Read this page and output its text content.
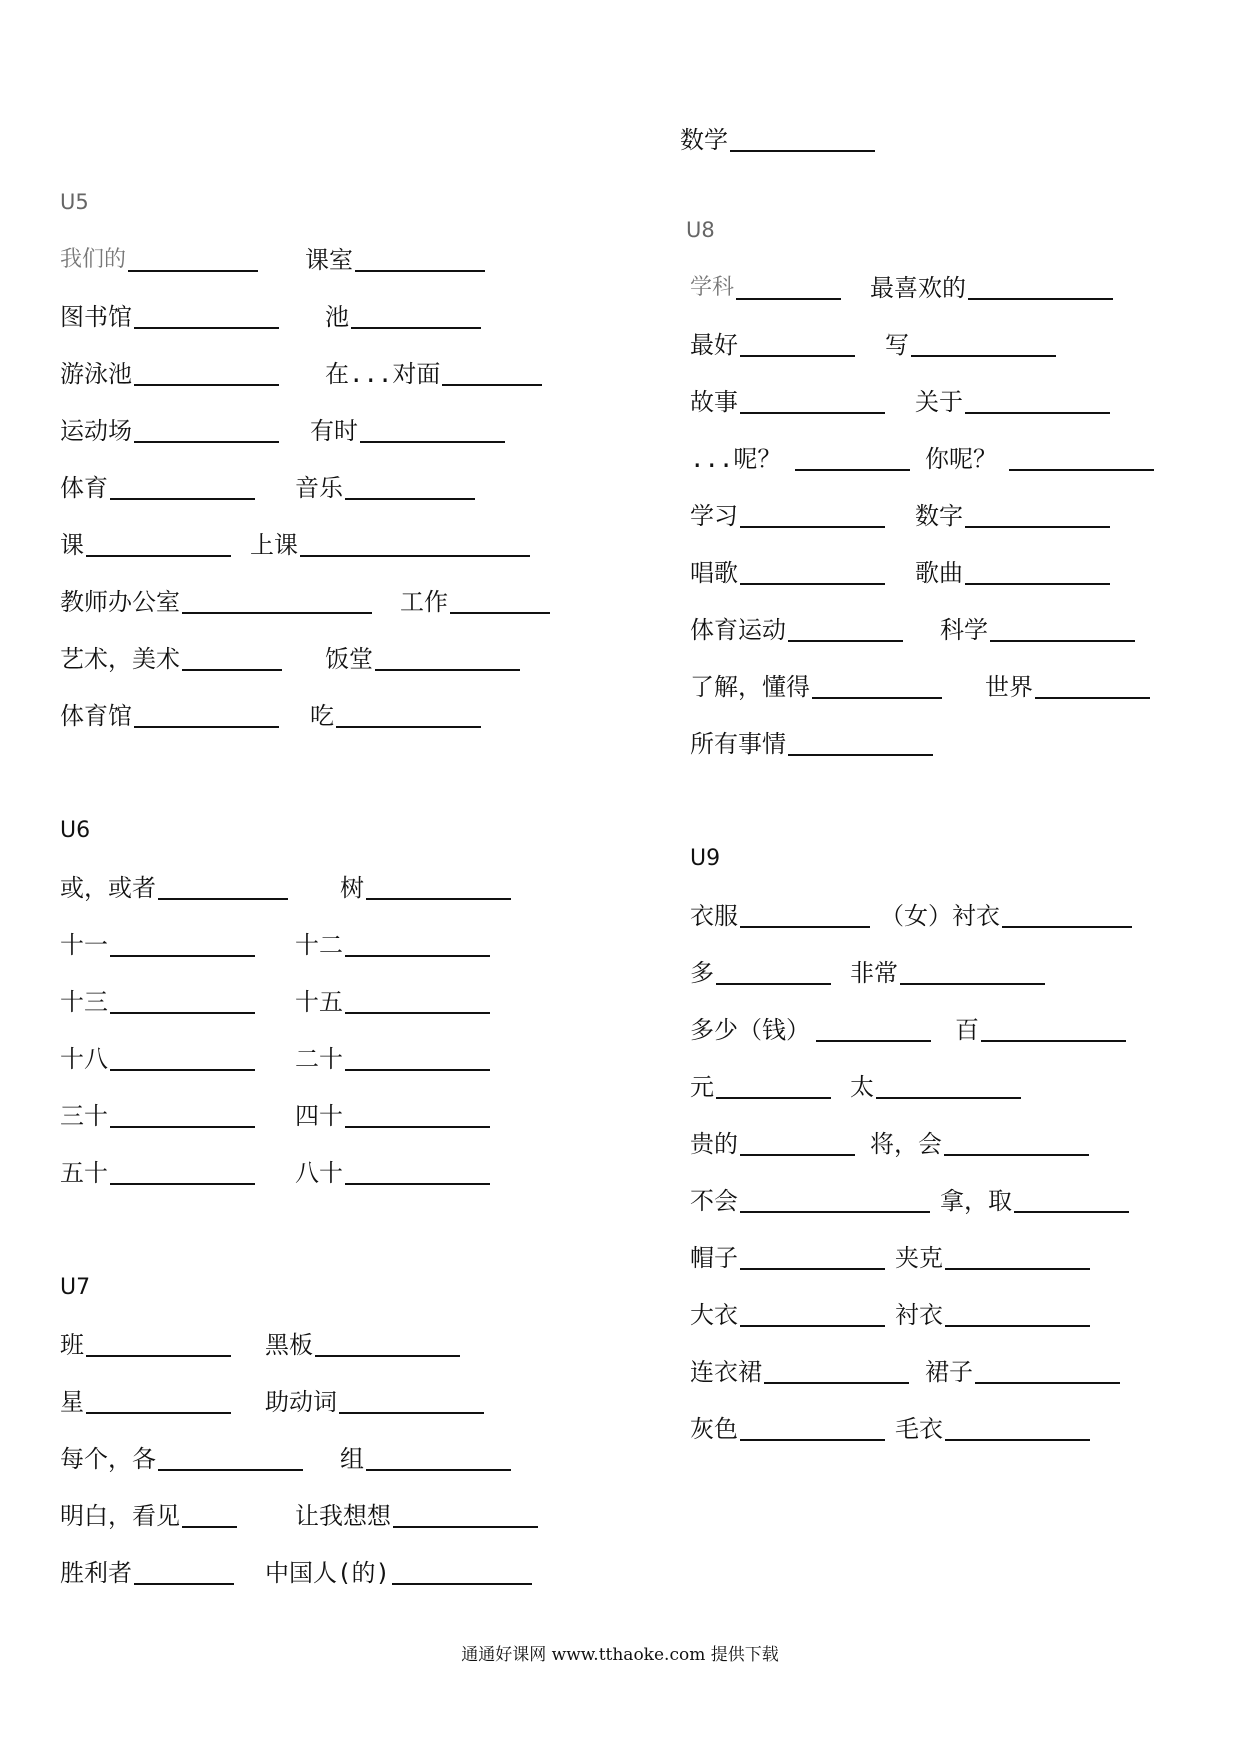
U5
我们的	课室
图书馆	池
游泳池	在...对面
运动场	有时
体育	音乐
课	上课
教师办公室	工作
艺术，美术	饭堂
体育馆	吃
U6
或，或者	树
十一	十二
十三	十五
十八	二十
三十	四十
五十	八十
U7
班	黑板
星	助动词
每个，各	组
明白，看见	让我想想
胜利者	中国人(的)
数学
U8
学科	最喜欢的
最好	写
故事	关于
...呢？	你呢？
学习	数字
唱歌	歌曲
体育运动	科学
了解，懂得	世界
所有事情
U9
衣服	（女）衬衣
多	非常
多少（钱）	百
元	太
贵的	将，会
不会	拿，取
帽子	夹克
大衣	衬衣
连衣裙	裙子
灰色	毛衣
通通好课网 www.tthaoke.com 提供下载
